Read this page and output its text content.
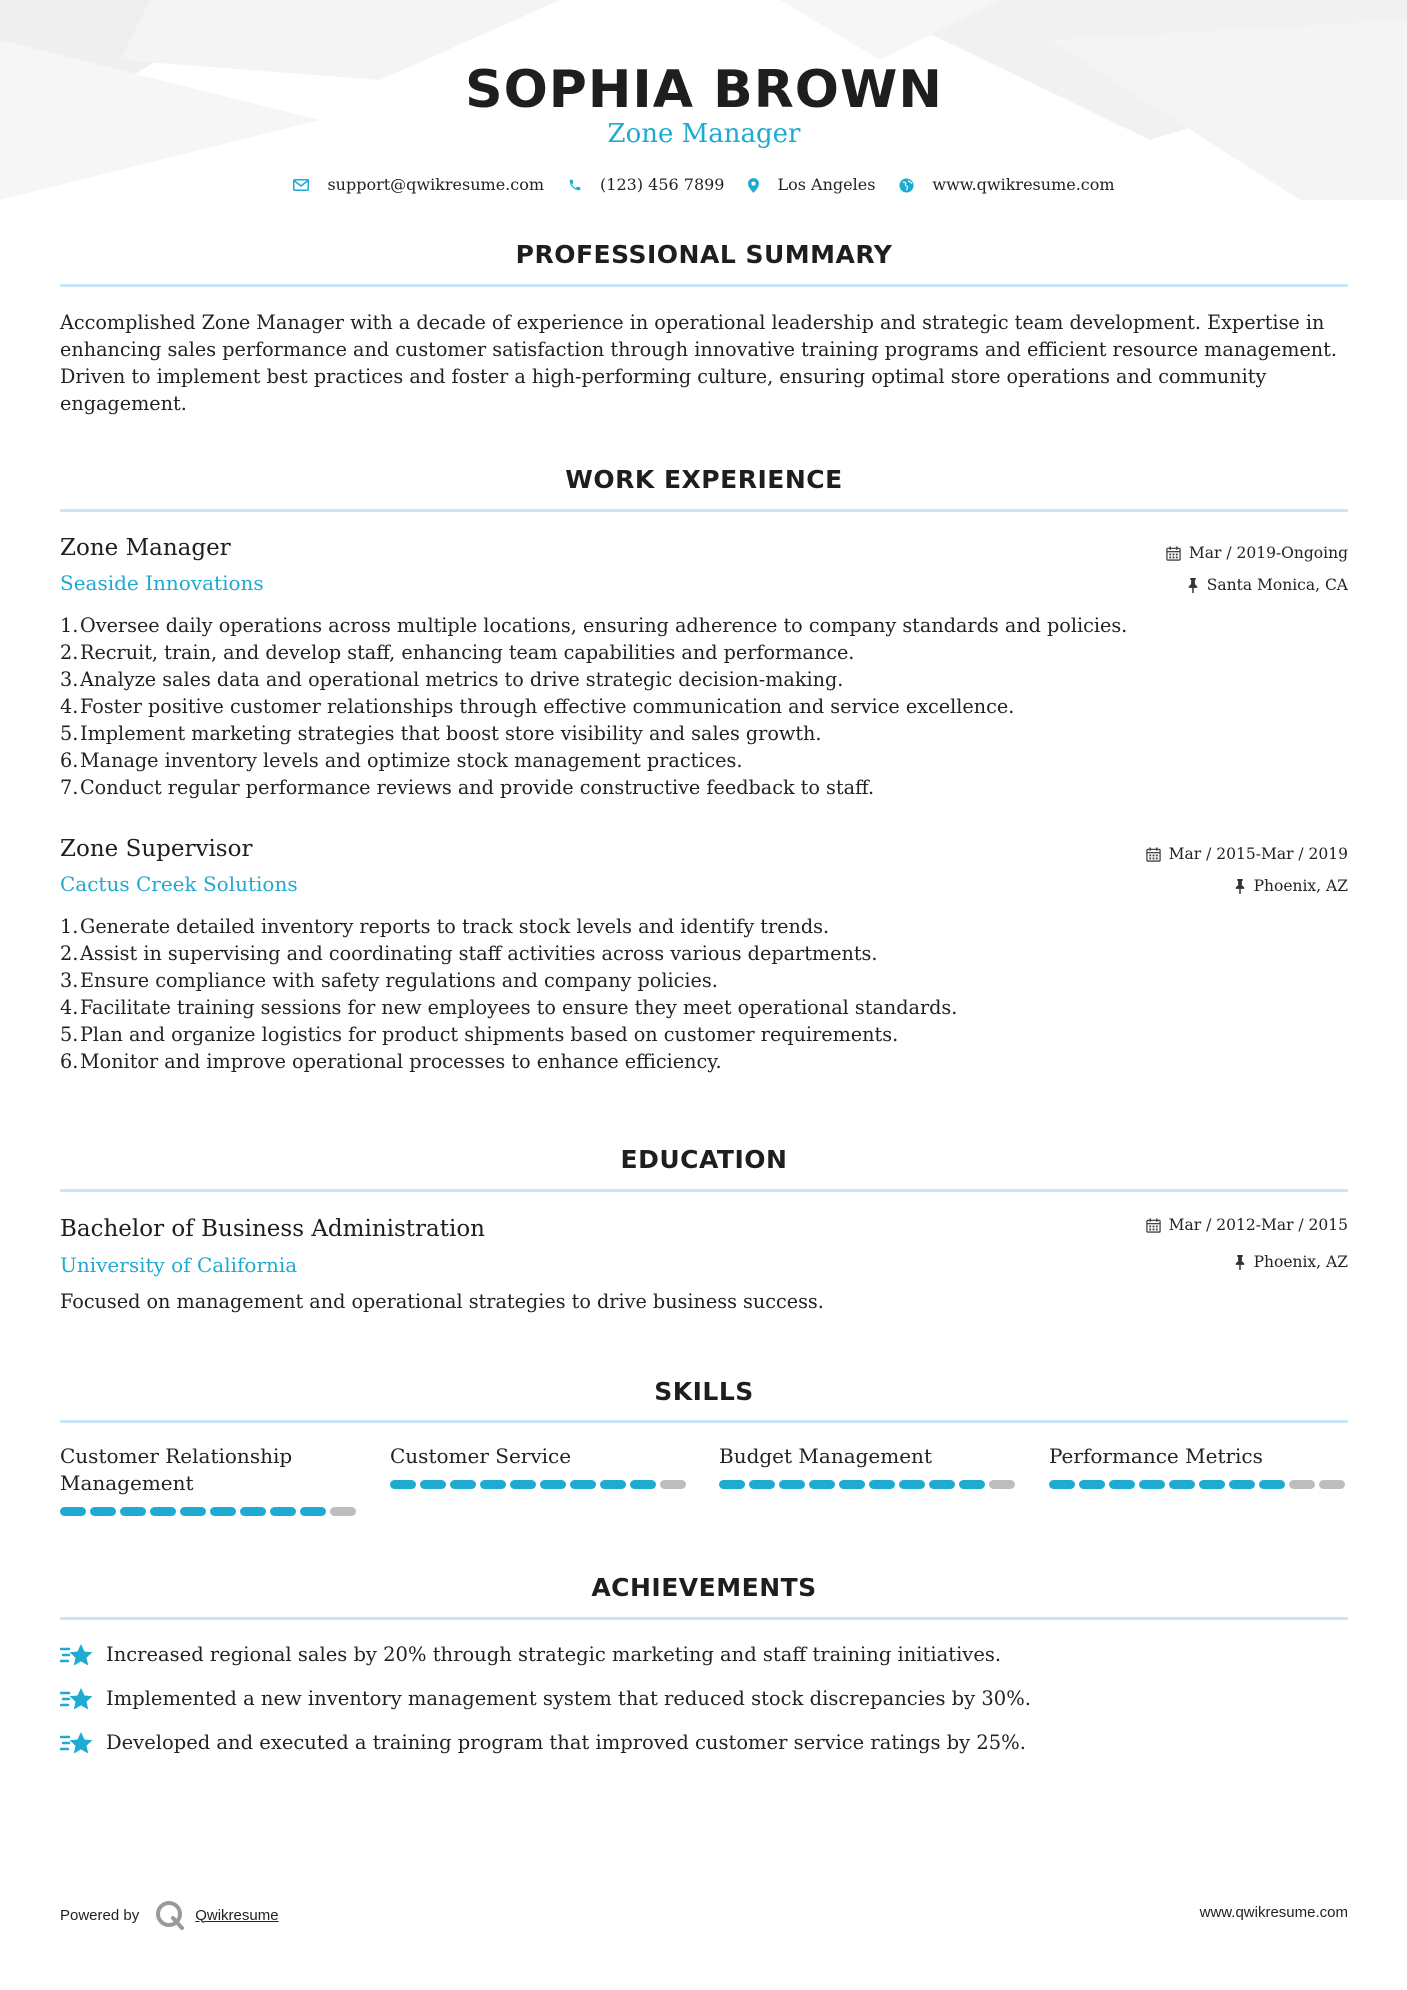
SOPHIA BROWN
Zone Manager
support@qwikresume.com	(123) 456 7899	Los Angeles	www.qwikresume.com
PROFESSIONAL SUMMARY

Accomplished Zone Manager with a decade of experience in operational leadership and strategic team development. Expertise in enhancing sales performance and customer satisfaction through innovative training programs and efficient resource management. Driven to implement best practices and foster a high-performing culture, ensuring optimal store operations and community engagement.

WORK EXPERIENCE
Zone Manager
Seaside Innovations
Mar / 2019-Ongoing
Santa Monica, CA
1. Oversee daily operations across multiple locations, ensuring adherence to company standards and policies.
2. Recruit, train, and develop staff, enhancing team capabilities and performance.
3. Analyze sales data and operational metrics to drive strategic decision-making.
4. Foster positive customer relationships through effective communication and service excellence.
5. Implement marketing strategies that boost store visibility and sales growth.
6. Manage inventory levels and optimize stock management practices.
7. Conduct regular performance reviews and provide constructive feedback to staff.
Zone Supervisor
Cactus Creek Solutions
Mar / 2015-Mar / 2019
Phoenix, AZ
1. Generate detailed inventory reports to track stock levels and identify trends.
2. Assist in supervising and coordinating staff activities across various departments.
3. Ensure compliance with safety regulations and company policies.
4. Facilitate training sessions for new employees to ensure they meet operational standards.
5. Plan and organize logistics for product shipments based on customer requirements.
6. Monitor and improve operational processes to enhance efficiency.
EDUCATION
Bachelor of Business Administration
University of California
Mar / 2012-Mar / 2015
Phoenix, AZ
Focused on management and operational strategies to drive business success.
SKILLS
Customer Relationship Management
Customer Service	Budget Management	Performance Metrics
ACHIEVEMENTS
Increased regional sales by 20% through strategic marketing and staff training initiatives.
Implemented a new inventory management system that reduced stock discrepancies by 30%.
Developed and executed a training program that improved customer service ratings by 25%.
Powered by	Qwikresume	www.qwikresume.com
